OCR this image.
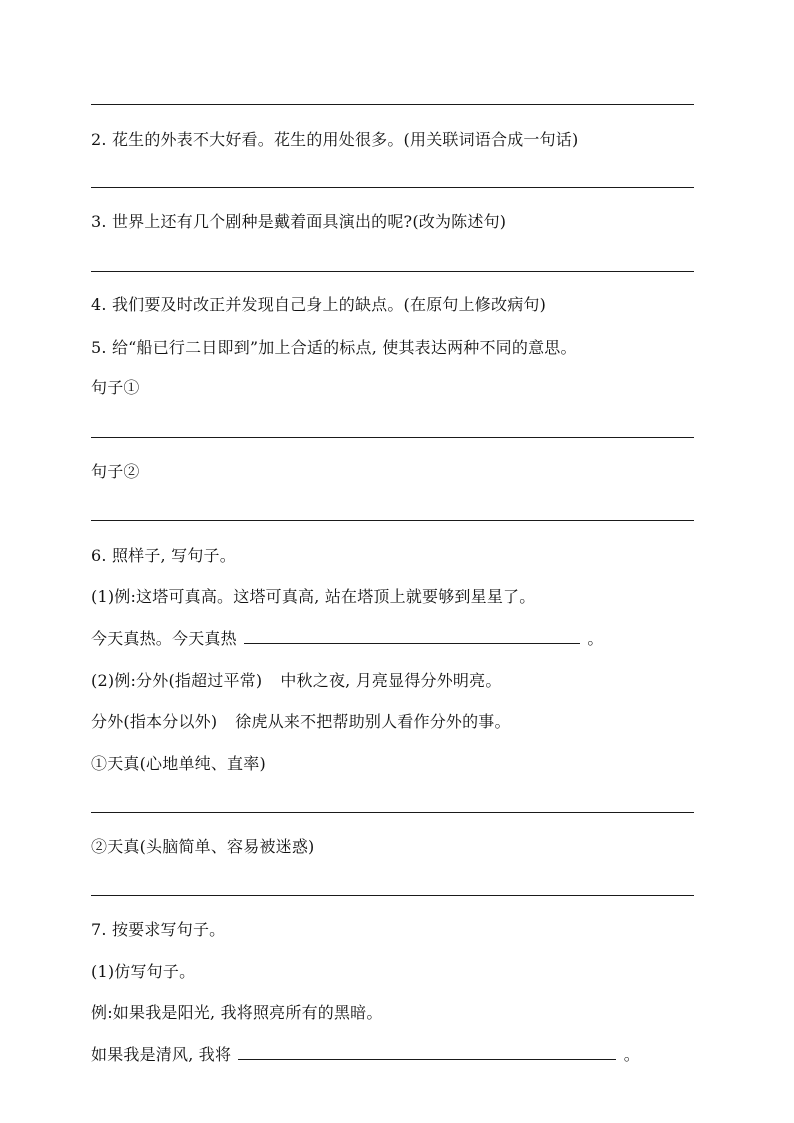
2. 花生的外表不大好看。花生的用处很多。(用关联词语合成一句话)
3. 世界上还有几个剧种是戴着面具演出的呢?(改为陈述句)
4. 我们要及时改正并发现自己身上的缺点。(在原句上修改病句)
5. 给“船已行二日即到”加上合适的标点, 使其表达两种不同的意思。
句子①
句子②
6. 照样子, 写句子。
(1)例:这塔可真高。这塔可真高, 站在塔顶上就要够到星星了。
今天真热。今天真热	。
(2)例:分外(指超过平常) 中秋之夜, 月亮显得分外明亮。
分外(指本分以外) 徐虎从来不把帮助别人看作分外的事。
①天真(心地单纯、直率)
②天真(头脑简单、容易被迷惑)
7. 按要求写句子。
(1)仿写句子。
例:如果我是阳光, 我将照亮所有的黑暗。
如果我是清风, 我将	。
